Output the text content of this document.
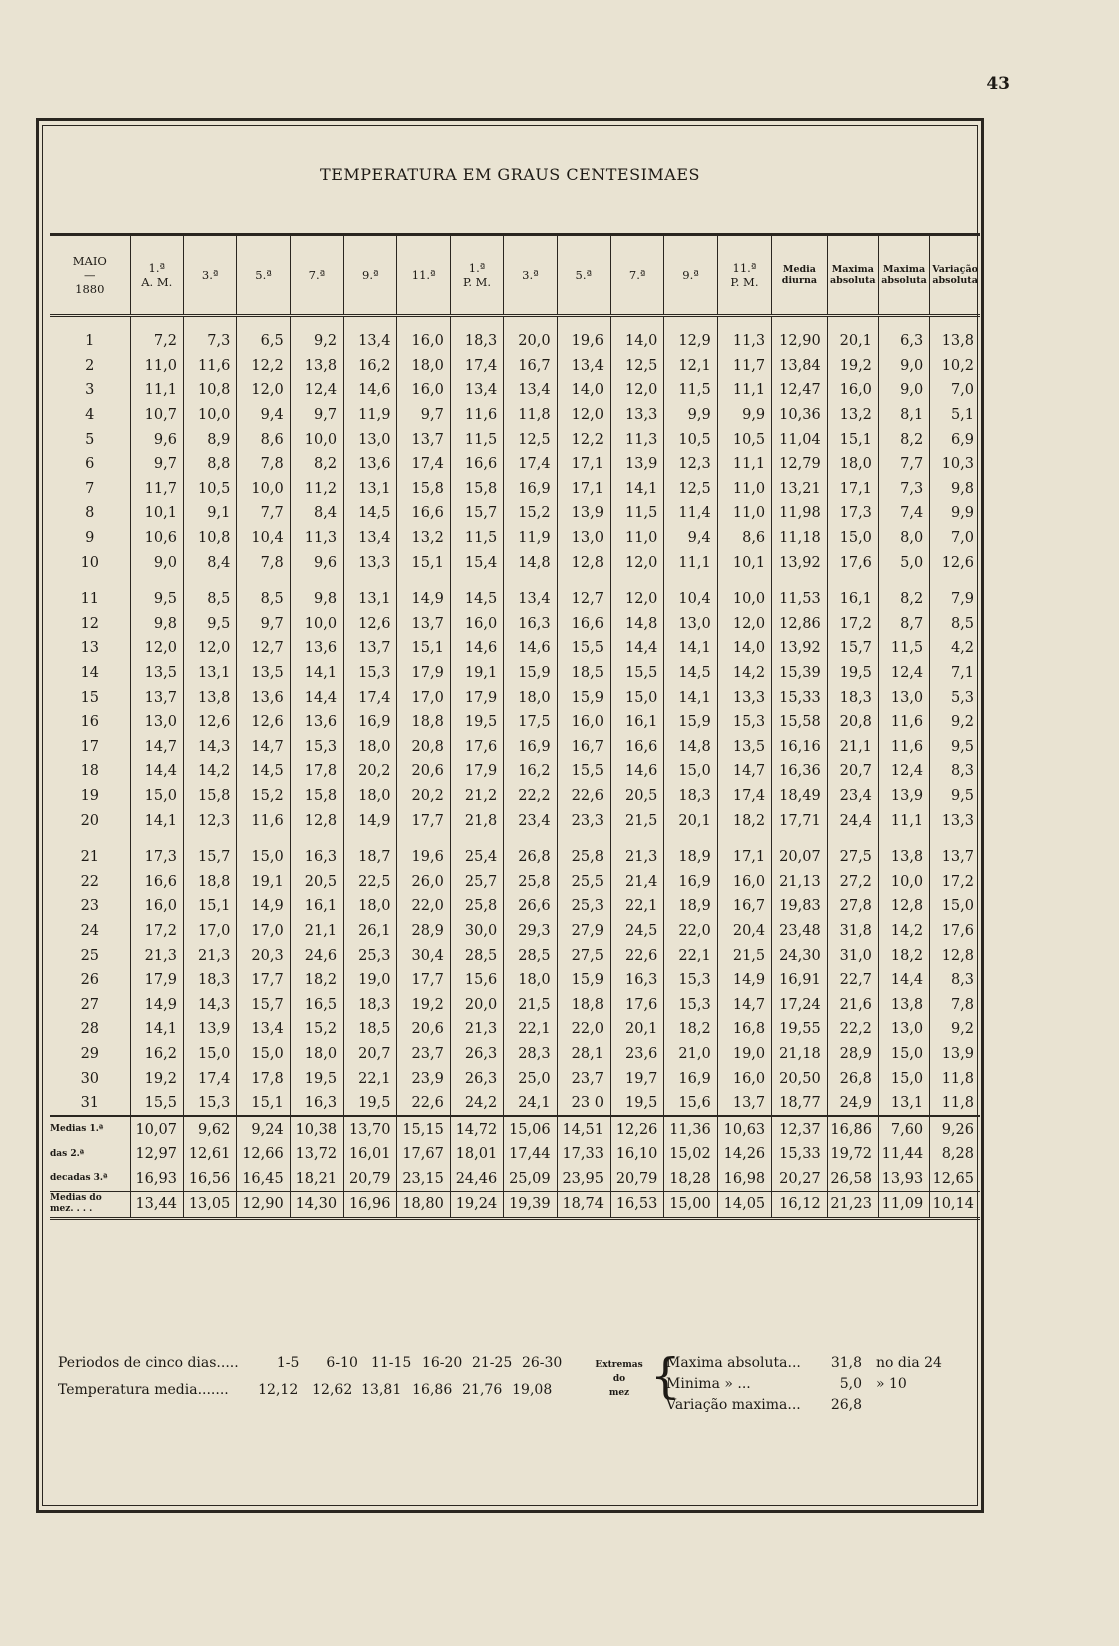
43
TEMPERATURA EM GRAUS CENTESIMAES
MAIO
—
1880	1.ª
A. M.	3.ª	5.ª	7.ª	9.ª	11.ª	1.ª
P. M.	3.ª	5.ª	7.ª	9.ª	11.ª
P. M.	Media
diurna	Maxima
absoluta	Maxima
absoluta	Variação
absoluta
1	7,2	7,3	6,5	9,2	13,4	16,0	18,3	20,0	19,6	14,0	12,9	11,3	12,90	20,1	6,3	13,8
2	11,0	11,6	12,2	13,8	16,2	18,0	17,4	16,7	13,4	12,5	12,1	11,7	13,84	19,2	9,0	10,2
3	11,1	10,8	12,0	12,4	14,6	16,0	13,4	13,4	14,0	12,0	11,5	11,1	12,47	16,0	9,0	7,0
4	10,7	10,0	9,4	9,7	11,9	9,7	11,6	11,8	12,0	13,3	9,9	9,9	10,36	13,2	8,1	5,1
5	9,6	8,9	8,6	10,0	13,0	13,7	11,5	12,5	12,2	11,3	10,5	10,5	11,04	15,1	8,2	6,9
6	9,7	8,8	7,8	8,2	13,6	17,4	16,6	17,4	17,1	13,9	12,3	11,1	12,79	18,0	7,7	10,3
7	11,7	10,5	10,0	11,2	13,1	15,8	15,8	16,9	17,1	14,1	12,5	11,0	13,21	17,1	7,3	9,8
8	10,1	9,1	7,7	8,4	14,5	16,6	15,7	15,2	13,9	11,5	11,4	11,0	11,98	17,3	7,4	9,9
9	10,6	10,8	10,4	11,3	13,4	13,2	11,5	11,9	13,0	11,0	9,4	8,6	11,18	15,0	8,0	7,0
10	9,0	8,4	7,8	9,6	13,3	15,1	15,4	14,8	12,8	12,0	11,1	10,1	13,92	17,6	5,0	12,6

11	9,5	8,5	8,5	9,8	13,1	14,9	14,5	13,4	12,7	12,0	10,4	10,0	11,53	16,1	8,2	7,9
12	9,8	9,5	9,7	10,0	12,6	13,7	16,0	16,3	16,6	14,8	13,0	12,0	12,86	17,2	8,7	8,5
13	12,0	12,0	12,7	13,6	13,7	15,1	14,6	14,6	15,5	14,4	14,1	14,0	13,92	15,7	11,5	4,2
14	13,5	13,1	13,5	14,1	15,3	17,9	19,1	15,9	18,5	15,5	14,5	14,2	15,39	19,5	12,4	7,1
15	13,7	13,8	13,6	14,4	17,4	17,0	17,9	18,0	15,9	15,0	14,1	13,3	15,33	18,3	13,0	5,3
16	13,0	12,6	12,6	13,6	16,9	18,8	19,5	17,5	16,0	16,1	15,9	15,3	15,58	20,8	11,6	9,2
17	14,7	14,3	14,7	15,3	18,0	20,8	17,6	16,9	16,7	16,6	14,8	13,5	16,16	21,1	11,6	9,5
18	14,4	14,2	14,5	17,8	20,2	20,6	17,9	16,2	15,5	14,6	15,0	14,7	16,36	20,7	12,4	8,3
19	15,0	15,8	15,2	15,8	18,0	20,2	21,2	22,2	22,6	20,5	18,3	17,4	18,49	23,4	13,9	9,5
20	14,1	12,3	11,6	12,8	14,9	17,7	21,8	23,4	23,3	21,5	20,1	18,2	17,71	24,4	11,1	13,3

21	17,3	15,7	15,0	16,3	18,7	19,6	25,4	26,8	25,8	21,3	18,9	17,1	20,07	27,5	13,8	13,7
22	16,6	18,8	19,1	20,5	22,5	26,0	25,7	25,8	25,5	21,4	16,9	16,0	21,13	27,2	10,0	17,2
23	16,0	15,1	14,9	16,1	18,0	22,0	25,8	26,6	25,3	22,1	18,9	16,7	19,83	27,8	12,8	15,0
24	17,2	17,0	17,0	21,1	26,1	28,9	30,0	29,3	27,9	24,5	22,0	20,4	23,48	31,8	14,2	17,6
25	21,3	21,3	20,3	24,6	25,3	30,4	28,5	28,5	27,5	22,6	22,1	21,5	24,30	31,0	18,2	12,8
26	17,9	18,3	17,7	18,2	19,0	17,7	15,6	18,0	15,9	16,3	15,3	14,9	16,91	22,7	14,4	8,3
27	14,9	14,3	15,7	16,5	18,3	19,2	20,0	21,5	18,8	17,6	15,3	14,7	17,24	21,6	13,8	7,8
28	14,1	13,9	13,4	15,2	18,5	20,6	21,3	22,1	22,0	20,1	18,2	16,8	19,55	22,2	13,0	9,2
29	16,2	15,0	15,0	18,0	20,7	23,7	26,3	28,3	28,1	23,6	21,0	19,0	21,18	28,9	15,0	13,9
30	19,2	17,4	17,8	19,5	22,1	23,9	26,3	25,0	23,7	19,7	16,9	16,0	20,50	26,8	15,0	11,8
31	15,5	15,3	15,1	16,3	19,5	22,6	24,2	24,1	23 0	19,5	15,6	13,7	18,77	24,9	13,1	11,8
Medias 1.ª	10,07	9,62	9,24	10,38	13,70	15,15	14,72	15,06	14,51	12,26	11,36	10,63	12,37	16,86	7,60	9,26
das 2.ª	12,97	12,61	12,66	13,72	16,01	17,67	18,01	17,44	17,33	16,10	15,02	14,26	15,33	19,72	11,44	8,28
decadas 3.ª	16,93	16,56	16,45	18,21	20,79	23,15	24,46	25,09	23,95	20,79	18,28	16,98	20,27	26,58	13,93	12,65
Medias do
mez. . . .	13,44	13,05	12,90	14,30	16,96	18,80	19,24	19,39	18,74	16,53	15,00	14,05	16,12	21,23	11,09	10,14
Periodos de cinco dias.....	1-5 6-10 11-15 16-20 21-25 26-30
Temperatura media....... 12,12 12,62 13,81 16,86 21,76 19,08
Extremas
do
mez {
Maxima absoluta... 31,8 no dia 24
Minima » ...	5,0 » 10
Variação maxima... 26,8
